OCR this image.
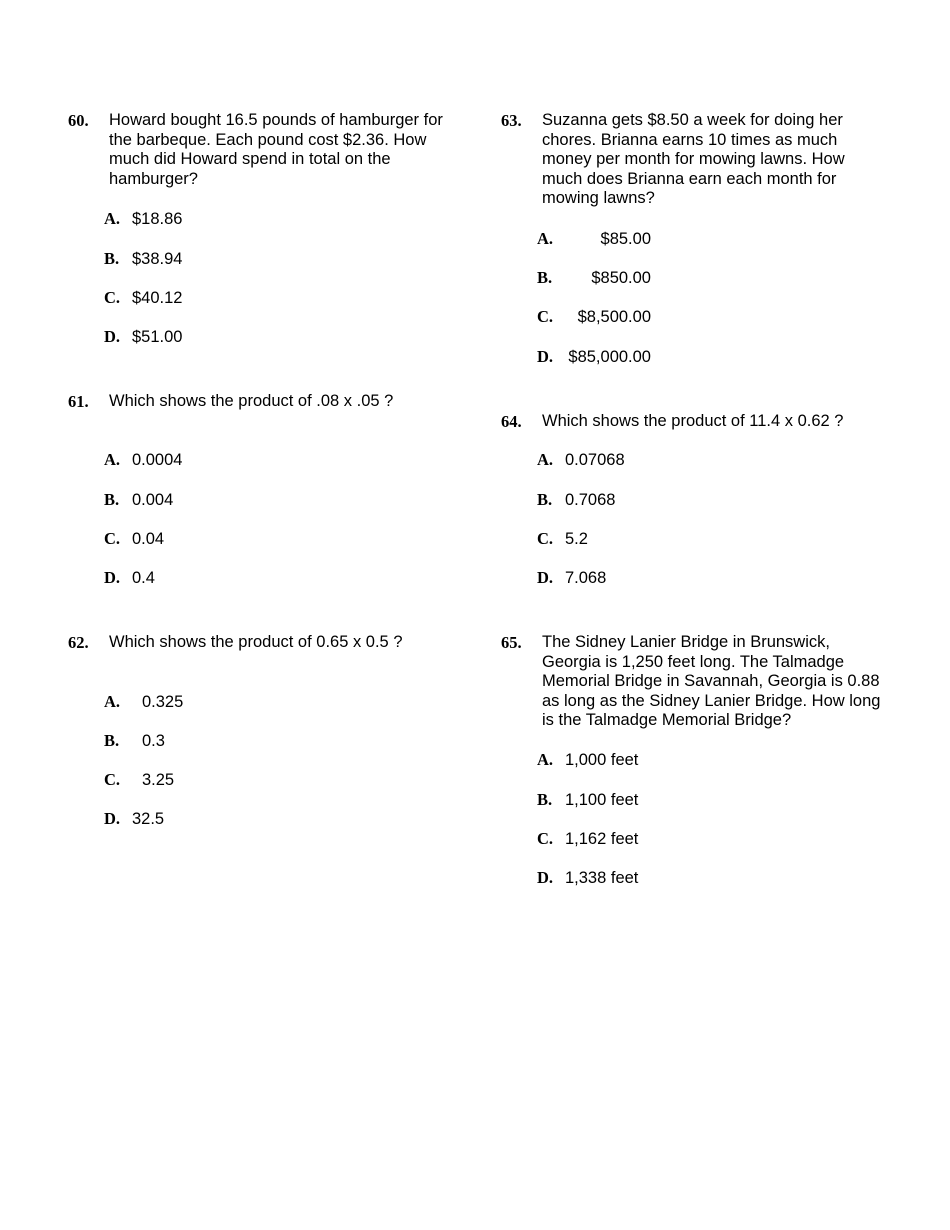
60.	Howard bought 16.5 pounds of hamburger for
the barbeque. Each pound cost $2.36. How
much did Howard spend in total on the
hamburger?
A. $18.86
B. $38.94
C. $40.12
D. $51.00
61.	Which shows the product of .08 x .05 ?
A. 0.0004
B. 0.004
C. 0.04
D. 0.4
62.	Which shows the product of 0.65 x 0.5 ?
A. 0.325
B. 0.3
C. 3.25
D. 32.5
63.	Suzanna gets $8.50 a week for doing her
chores. Brianna earns 10 times as much
money per month for mowing lawns. How
much does Brianna earn each month for
mowing lawns?
A.	$85.00
B. $850.00
C. $8,500.00
D. $85,000.00
64.	Which shows the product of 11.4 x 0.62 ?
A. 0.07068
B. 0.7068
C. 5.2
D. 7.068
65.	The Sidney Lanier Bridge in Brunswick,
Georgia is 1,250 feet long. The Talmadge
Memorial Bridge in Savannah, Georgia is 0.88
as long as the Sidney Lanier Bridge. How long
is the Talmadge Memorial Bridge?
A. 1,000 feet
B. 1,100 feet
C. 1,162 feet
D. 1,338 feet
